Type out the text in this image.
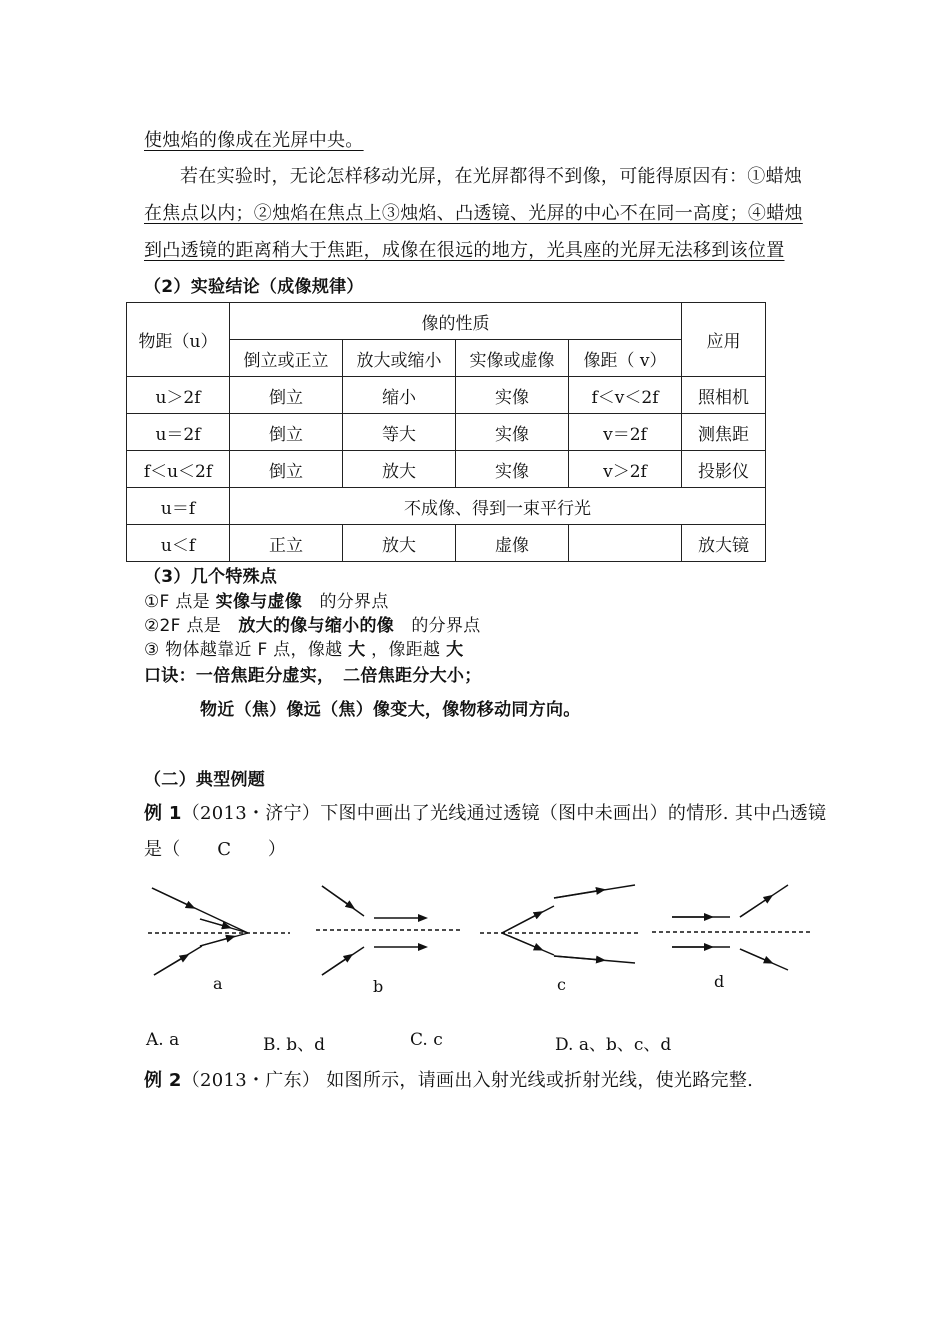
使烛焰的像成在光屏中央。
若在实验时，无论怎样移动光屏，在光屏都得不到像，可能得原因有：①蜡烛
在焦点以内；②烛焰在焦点上③烛焰、凸透镜、光屏的中心不在同一高度；④蜡烛
到凸透镜的距离稍大于焦距，成像在很远的地方，光具座的光屏无法移到该位置
（2）实验结论（成像规律）
物距（u）	像的性质				应用
	倒立或正立	放大或缩小	实像或虚像	像距（ v）	
u＞2f	倒立	缩小	实像	f＜v＜2f	照相机
u＝2f	倒立	等大	实像	v＝2f	测焦距
f＜u＜2f	倒立	放大	实像	v＞2f	投影仪
u＝f	不成像、得到一束平行光				
u＜f	正立	放大	虚像		放大镜
（3）几个特殊点
①F 点是 实像与虚像　的分界点
②2F 点是　放大的像与缩小的像　的分界点
③ 物体越靠近 F 点，像越 大 ，像距越 大
口诀：一倍焦距分虚实，　二倍焦距分大小；
物近（焦）像远（焦）像变大，像物移动同方向。
（二）典型例题
例 1（2013・济宁）下图中画出了光线通过透镜（图中未画出）的情形. 其中凸透镜
是（　　C　　）
a	b	c	d
A. a	B. b、d	C. c	D. a、b、c、d
例 2（2013・广东） 如图所示，请画出入射光线或折射光线，使光路完整.
